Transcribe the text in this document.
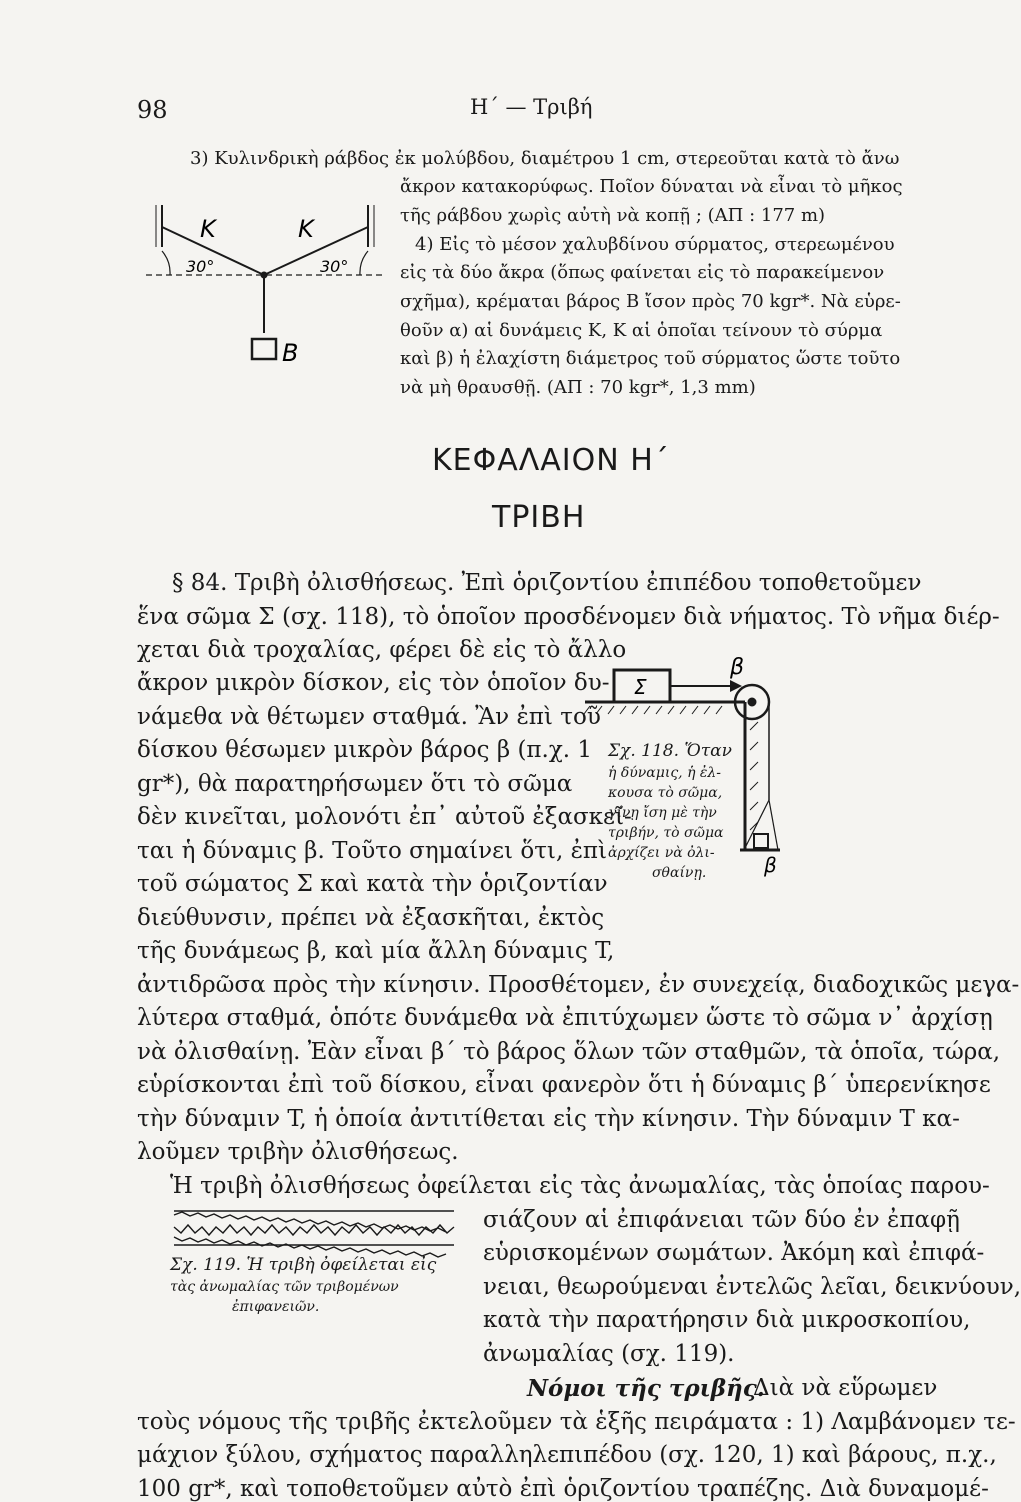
98	Η΄ — Τριβή
3) Κυλινδρικὴ ράβδος ἐκ μολύβδου, διαμέτρου 1 cm, στερεοῦται κατὰ τὸ ἄνω
ἄκρον κατακορύφως. Ποῖον δύναται νὰ εἶναι τὸ μῆκος
τῆς ράβδου χωρὶς αὐτὴ νὰ κοπῇ ; (ΑΠ : 177 m)
4) Εἰς τὸ μέσον χαλυβδίνου σύρματος, στερεωμένου
εἰς τὰ δύο ἄκρα (ὅπως φαίνεται εἰς τὸ παρακείμενον
σχῆμα), κρέμαται βάρος Β ἴσον πρὸς 70 kgr*. Νὰ εὑρε-
θοῦν α) αἱ δυνάμεις Κ, Κ αἱ ὁποῖαι τείνουν τὸ σύρμα
καὶ β) ἡ ἐλαχίστη διάμετρος τοῦ σύρματος ὥστε τοῦτο
νὰ μὴ θραυσθῇ. (ΑΠ : 70 kgr*, 1,3 mm)
K	K
30°	30°
B
ΚΕΦΑΛΑΙΟΝ Η΄
ΤΡΙΒΗ
§ 84. Τριβὴ ὀλισθήσεως. Ἐπὶ ὁριζοντίου ἐπιπέδου τοποθετοῦμεν
ἕνα σῶμα Σ (σχ. 118), τὸ ὁποῖον προσδένομεν διὰ νήματος. Τὸ νῆμα διέρ-
χεται διὰ τροχαλίας, φέρει δὲ εἰς τὸ ἄλλο
ἄκρον μικρὸν δίσκον, εἰς τὸν ὁποῖον δυ-
νάμεθα νὰ θέτωμεν σταθμά. Ἂν ἐπὶ τοῦ
δίσκου θέσωμεν μικρὸν βάρος β (π.χ. 1
gr*), θὰ παρατηρήσωμεν ὅτι τὸ σῶμα
δὲν κινεῖται, μολονότι ἐπ᾿ αὐτοῦ ἐξασκεῖ-
ται ἡ δύναμις β. Τοῦτο σημαίνει ὅτι, ἐπὶ
τοῦ σώματος Σ καὶ κατὰ τὴν ὁριζοντίαν
διεύθυνσιν, πρέπει νὰ ἐξασκῆται, ἐκτὸς
τῆς δυνάμεως β, καὶ μία ἄλλη δύναμις T,
ἀντιδρῶσα πρὸς τὴν κίνησιν. Προσθέτομεν, ἐν συνεχείᾳ, διαδοχικῶς μεγα-
λύτερα σταθμά, ὁπότε δυνάμεθα νὰ ἐπιτύχωμεν ὥστε τὸ σῶμα ν᾿ ἀρχίσῃ
νὰ ὀλισθαίνῃ. Ἐὰν εἶναι β΄ τὸ βάρος ὅλων τῶν σταθμῶν, τὰ ὁποῖα, τώρα,
εὑρίσκονται ἐπὶ τοῦ δίσκου, εἶναι φανερὸν ὅτι ἡ δύναμις β΄ ὑπερενίκησε
τὴν δύναμιν T, ἡ ὁποία ἀντιτίθεται εἰς τὴν κίνησιν. Τὴν δύναμιν T κα-
λοῦμεν τριβὴν ὀλισθήσεως.
Σ
β
β
Σχ. 118. Ὅταν
ἡ δύναμις, ἡ ἐλ-
κουσα τὸ σῶμα,
γίνῃ ἴση μὲ τὴν
τριβήν, τὸ σῶμα
ἀρχίζει νὰ ὀλι-
σθαίνῃ.
Ἡ τριβὴ ὀλισθήσεως ὀφείλεται εἰς τὰς ἀνωμαλίας, τὰς ὁποίας παρου-
σιάζουν αἱ ἐπιφάνειαι τῶν δύο ἐν ἐπαφῇ
εὑρισκομένων σωμάτων. Ἀκόμη καὶ ἐπιφά-
νειαι, θεωρούμεναι ἐντελῶς λεῖαι, δεικνύουν,
κατὰ τὴν παρατήρησιν διὰ μικροσκοπίου,
ἀνωμαλίας (σχ. 119).
Σχ. 119. Ἡ τριβὴ ὀφείλεται εἰς
τὰς ἀνωμαλίας τῶν τριβομένων
ἐπιφανειῶν.
Νόμοι τῆς τριβῆς.
Διὰ νὰ εὕρωμεν
τοὺς νόμους τῆς τριβῆς ἐκτελοῦμεν τὰ ἑξῆς πειράματα : 1) Λαμβάνομεν τε-
μάχιον ξύλου, σχήματος παραλληλεπιπέδου (σχ. 120, 1) καὶ βάρους, π.χ.,
100 gr*, καὶ τοποθετοῦμεν αὐτὸ ἐπὶ ὁριζοντίου τραπέζης. Διὰ δυναμομέ-
